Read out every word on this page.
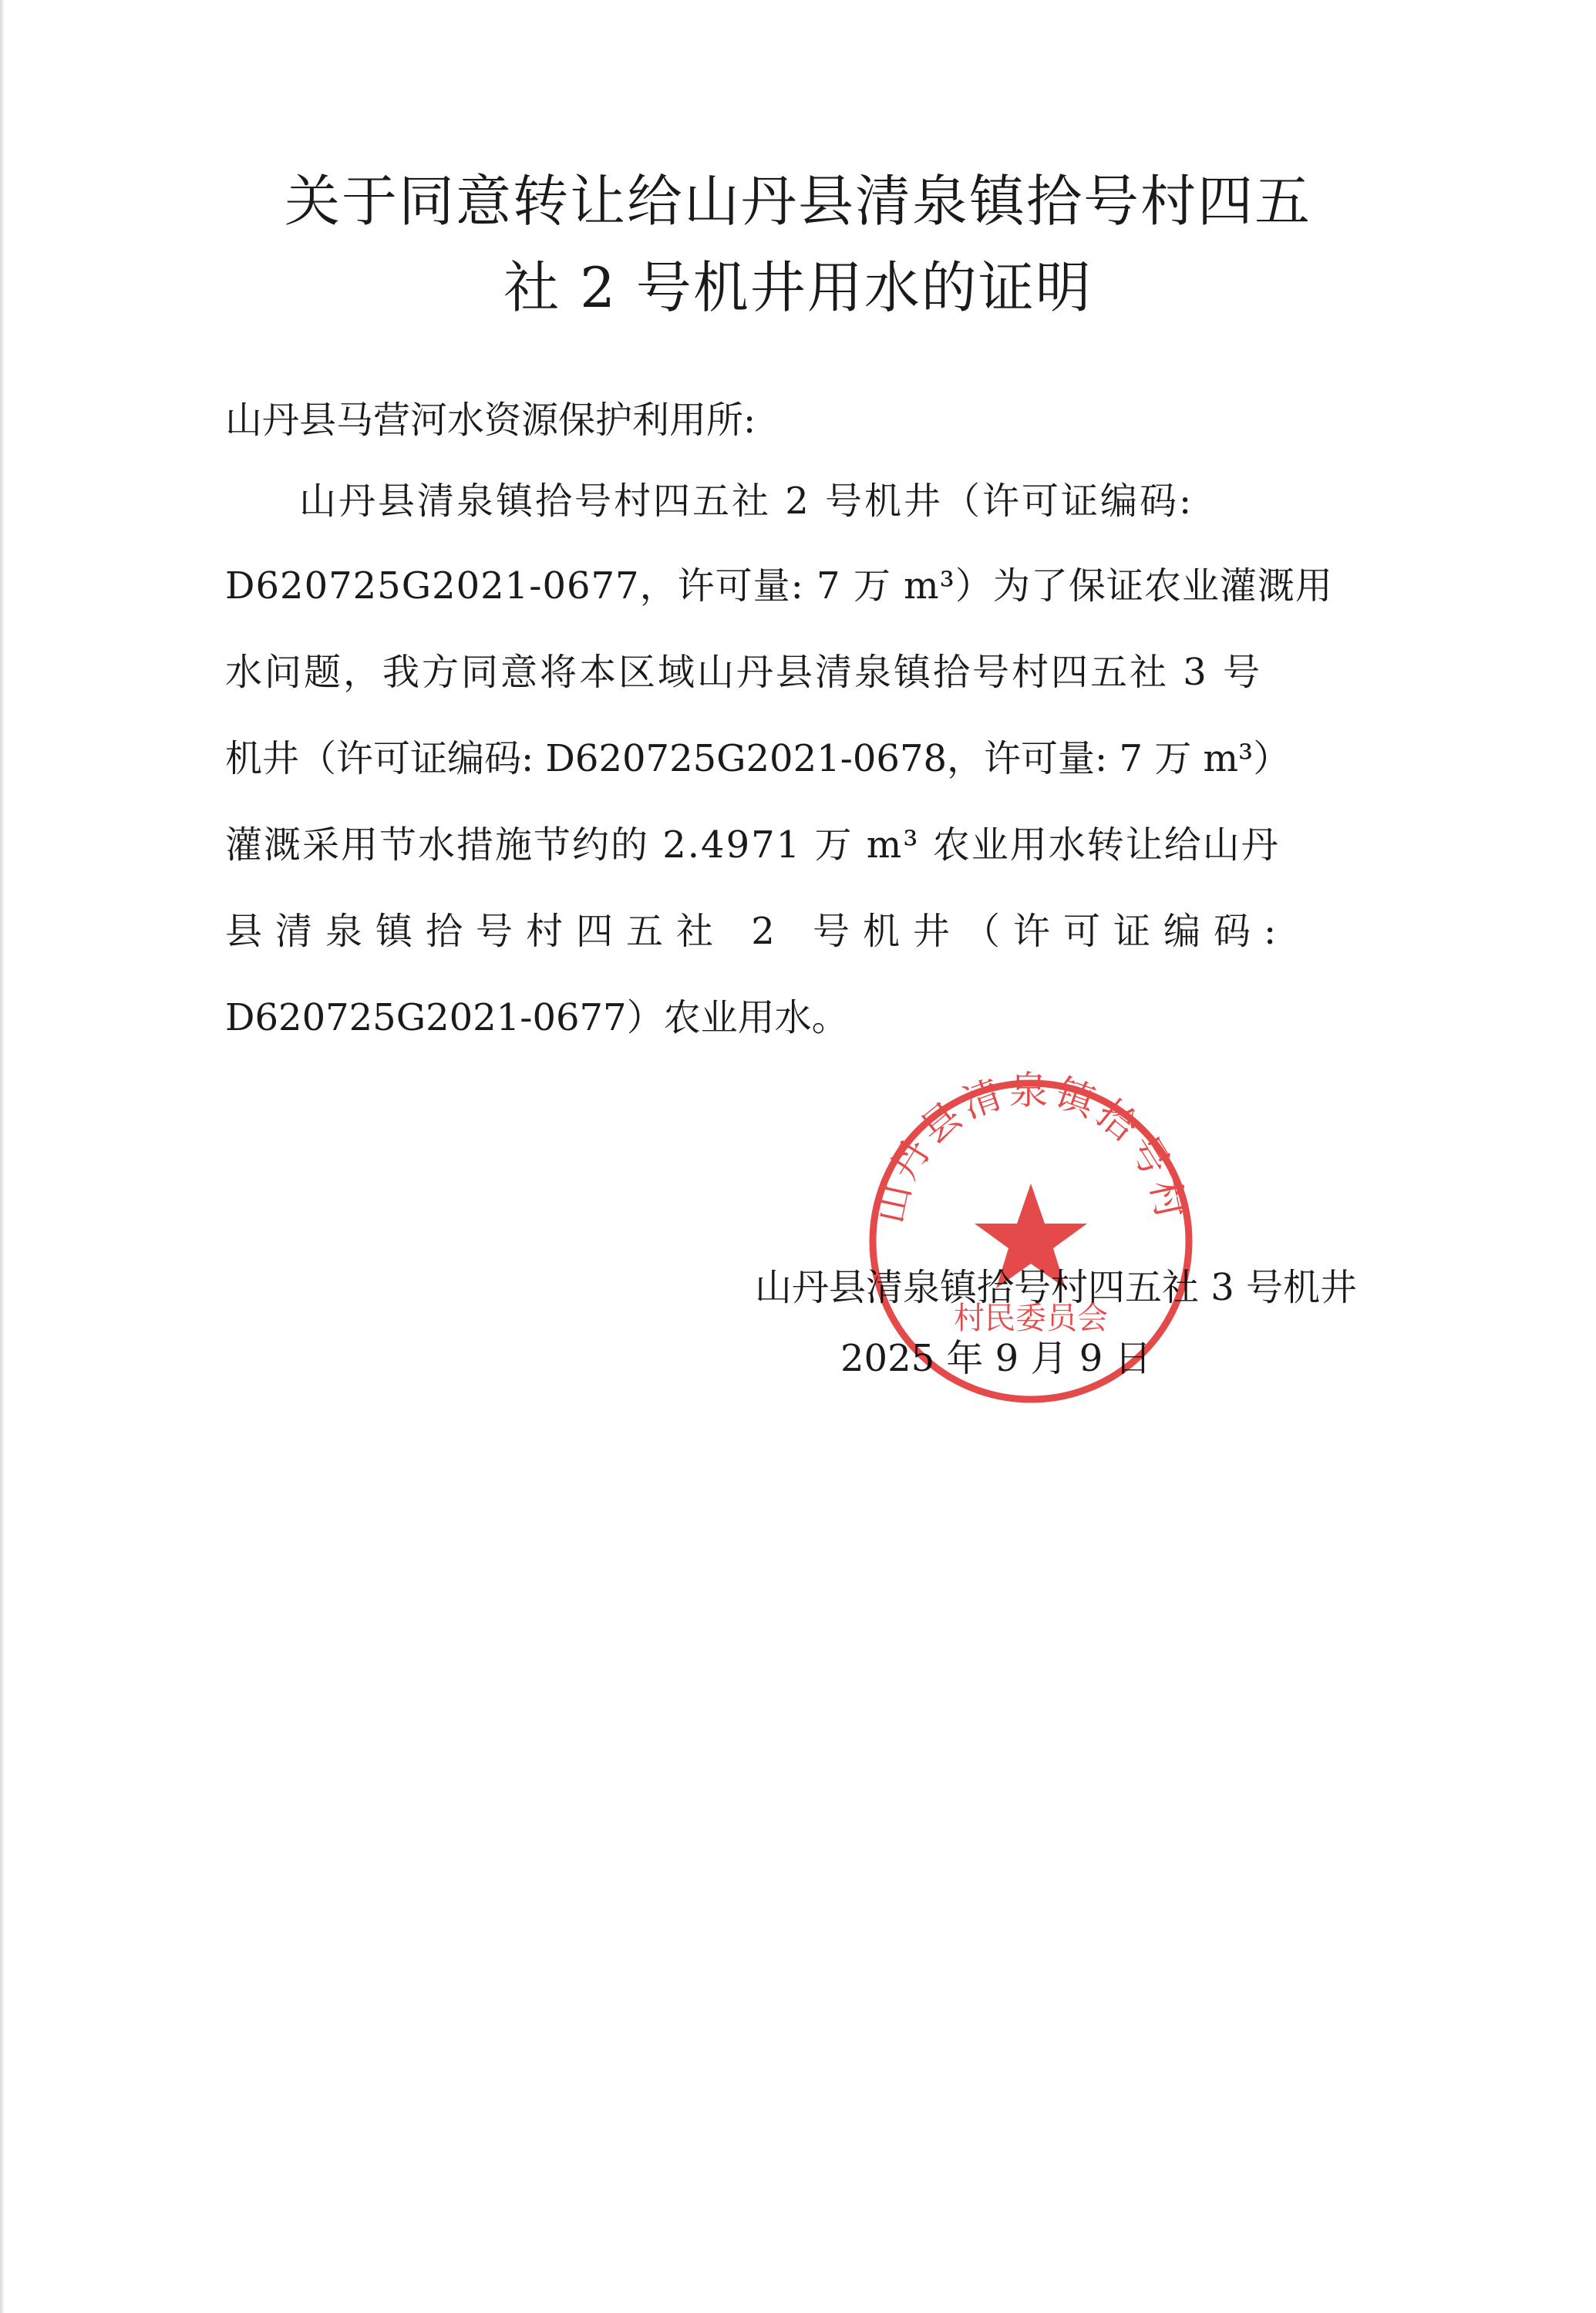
关于同意转让给山丹县清泉镇拾号村四五
社 2 号机井用水的证明
山丹县马营河水资源保护利用所:
山丹县清泉镇拾号村四五社 2 号机井（许可证编码:
D620725G2021-0677，许可量: 7 万 m³）为了保证农业灌溉用
水问题，我方同意将本区域山丹县清泉镇拾号村四五社 3 号
机井（许可证编码: D620725G2021-0678，许可量: 7 万 m³）
灌溉采用节水措施节约的 2.4971 万 m³ 农业用水转让给山丹
县清泉镇拾号村四五社 2 号机井（许可证编码:
D620725G2021-0677）农业用水。
山丹县清泉镇拾号村四五社 3 号机井
2025 年 9 月 9 日
山丹县清泉镇拾号村
村民委员会
